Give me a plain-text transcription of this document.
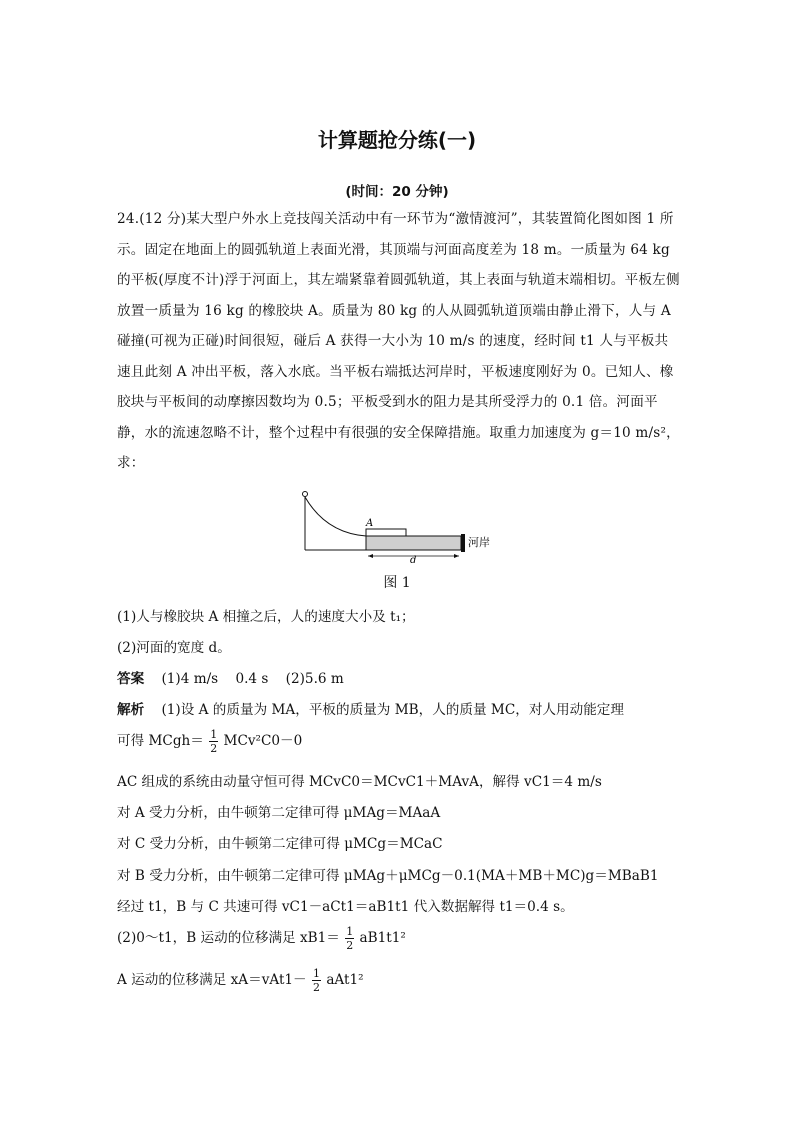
计算题抢分练(一)
(时间：20 分钟)
24.(12 分)某大型户外水上竞技闯关活动中有一环节为“激情渡河”，其装置简化图如图 1 所示。固定在地面上的圆弧轨道上表面光滑，其顶端与河面高度差为 18 m。一质量为 64 kg 的平板(厚度不计)浮于河面上，其左端紧靠着圆弧轨道，其上表面与轨道末端相切。平板左侧放置一质量为 16 kg 的橡胶块 A。质量为 80 kg 的人从圆弧轨道顶端由静止滑下，人与 A 碰撞(可视为正碰)时间很短，碰后 A 获得一大小为 10 m/s 的速度，经时间 t1 人与平板共速且此刻 A 冲出平板，落入水底。当平板右端抵达河岸时，平板速度刚好为 0。已知人、橡胶块与平板间的动摩擦因数均为 0.5；平板受到水的阻力是其所受浮力的 0.1 倍。河面平静，水的流速忽略不计，整个过程中有很强的安全保障措施。取重力加速度为 g＝10 m/s²，求：
A
河岸
d
图 1
(1)人与橡胶块 A 相撞之后，人的速度大小及 t₁；
(2)河面的宽度 d。
答案 (1)4 m/s 0.4 s (2)5.6 m
解析 (1)设 A 的质量为 MA，平板的质量为 MB，人的质量 MC，对人用动能定理
可得 MCgh＝ $\frac{1}{2} MCv^2C0-0$
AC 组成的系统由动量守恒可得 MCvC0＝MCvC1＋MAvA，解得 vC1＝4 m/s
对 A 受力分析，由牛顿第二定律可得 μMAg＝MAaA
对 C 受力分析，由牛顿第二定律可得 μMCg＝MCaC
对 B 受力分析，由牛顿第二定律可得 μMAg＋μMCg－0.1(MA＋MB＋MC)g＝MBaB1
经过 t1，B 与 C 共速可得 vC1－aCt1＝aB1t1 代入数据解得 t1＝0.4 s。
(2)0～t1，B 运动的位移满足 $xB1= \frac{1}{2} aB1t1^2$
A 运动的位移满足 $xA=vAt1- \frac{1}{2} aAt1^2$
